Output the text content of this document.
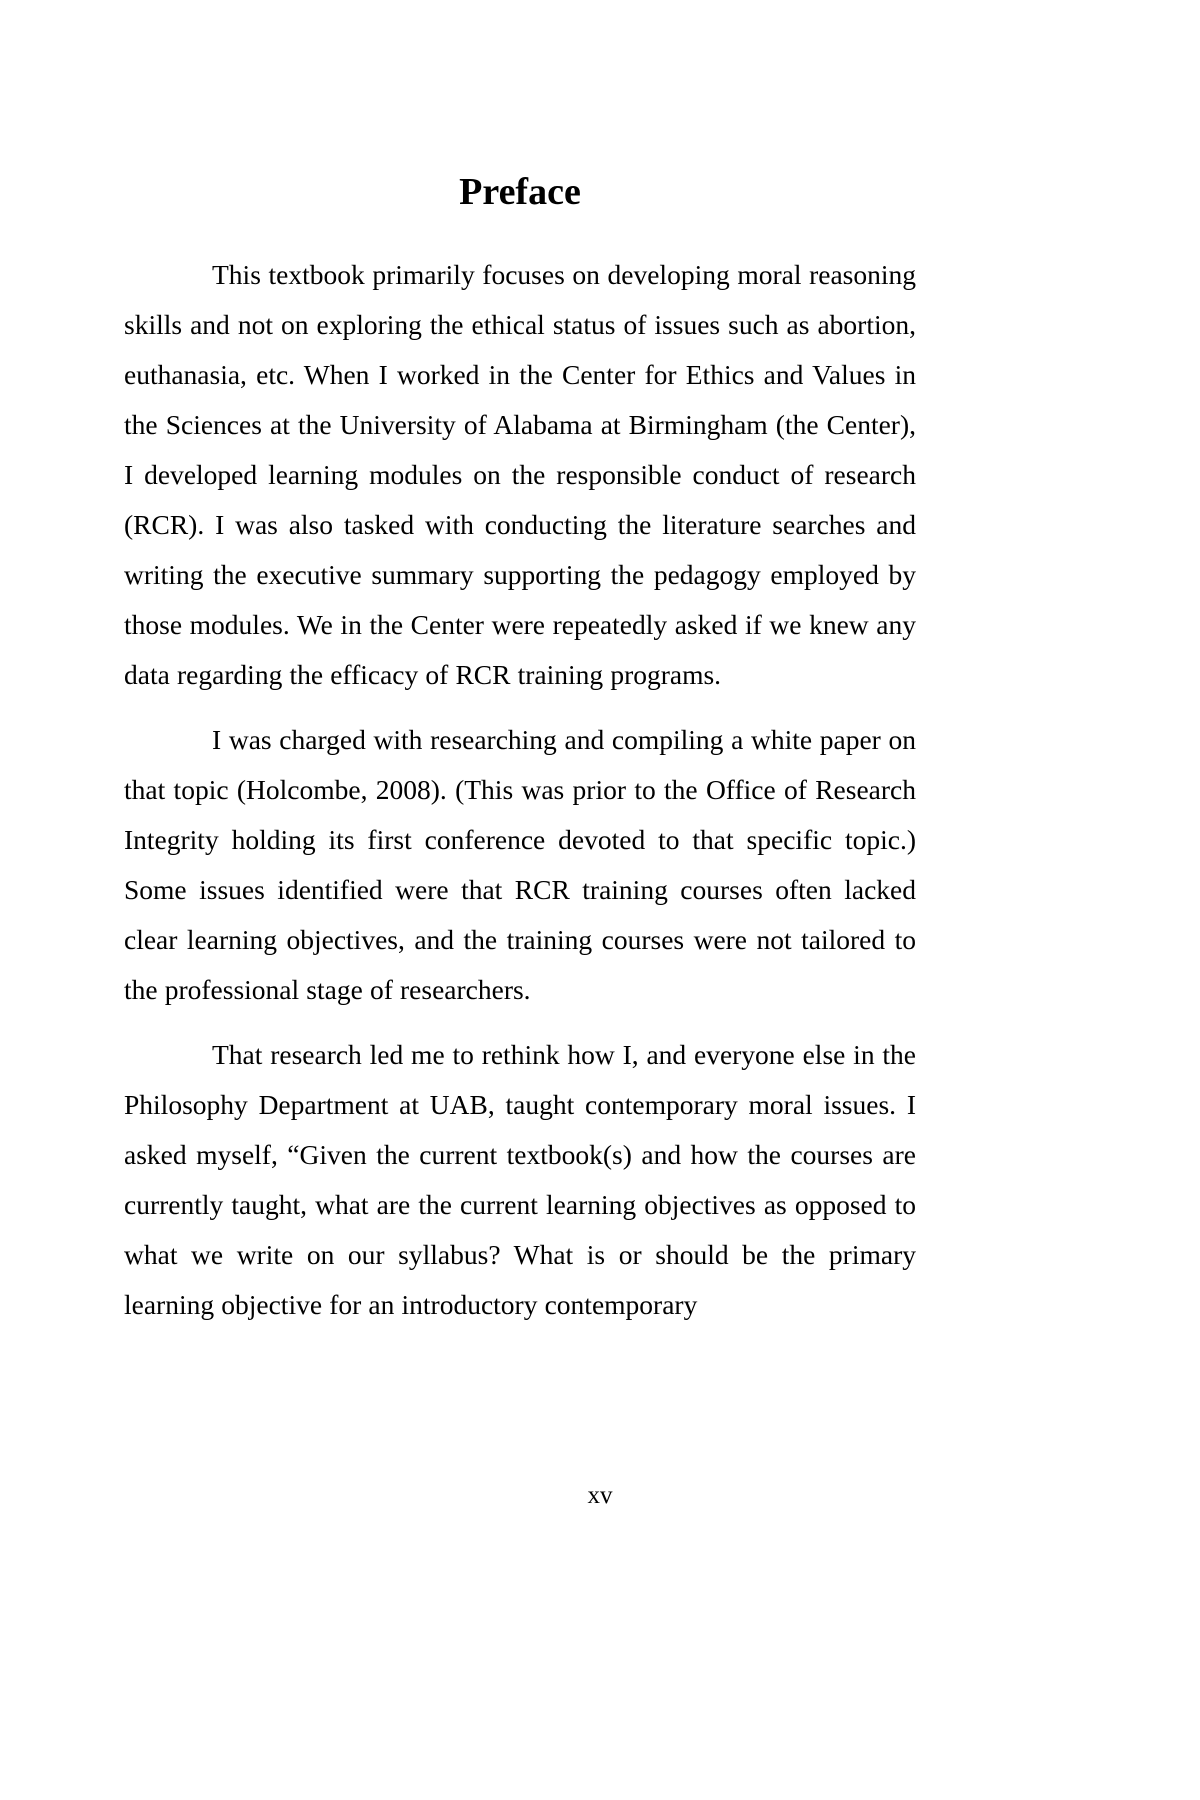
Preface

This textbook primarily focuses on developing moral reasoning skills and not on exploring the ethical status of issues such as abortion, euthanasia, etc. When I worked in the Center for Ethics and Values in the Sciences at the University of Alabama at Birmingham (the Center), I developed learning modules on the responsible conduct of research (RCR). I was also tasked with conducting the literature searches and writing the executive summary supporting the pedagogy employed by those modules. We in the Center were repeatedly asked if we knew any data regarding the efficacy of RCR training programs.

I was charged with researching and compiling a white paper on that topic (Holcombe, 2008). (This was prior to the Office of Research Integrity holding its first conference devoted to that specific topic.) Some issues identified were that RCR training courses often lacked clear learning objectives, and the training courses were not tailored to the professional stage of researchers.

That research led me to rethink how I, and everyone else in the Philosophy Department at UAB, taught contemporary moral issues. I asked myself, “Given the current textbook(s) and how the courses are currently taught, what are the current learning objectives as opposed to what we write on our syllabus? What is or should be the primary learning objective for an introductory contemporary

xv
